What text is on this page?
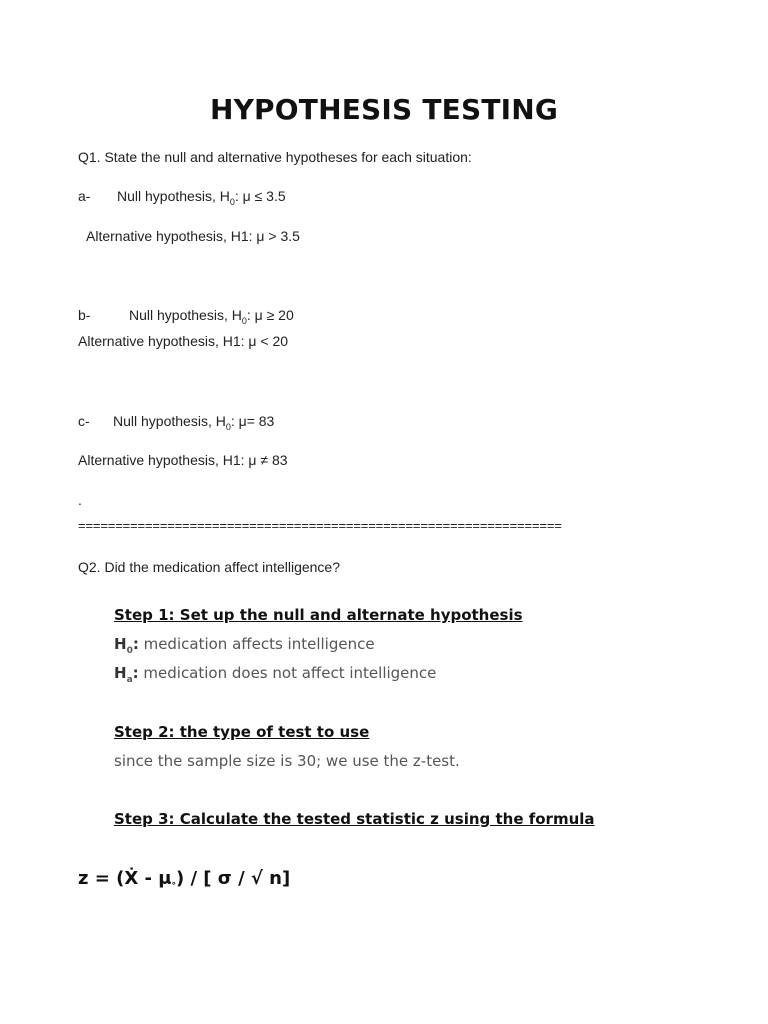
HYPOTHESIS TESTING
Q1. State the null and alternative hypotheses for each situation:
a- Null hypothesis, $H_0$: μ ≤ 3.5
Alternative hypothesis, H1: μ > 3.5
b-	Null hypothesis, $H_0$: μ ≥ 20
Alternative hypothesis, H1: μ < 20
c- Null hypothesis, $H_0$: μ= 83
Alternative hypothesis, H1: μ ≠ 83
.
=================================================================
Q2. Did the medication affect intelligence?
Step 1: Set up the null and alternate hypothesis
$H_0$: medication affects intelligence
$H_a$: medication does not affect intelligence
Step 2: the type of test to use
since the sample size is 30; we use the z-test.
Step 3: Calculate the tested statistic z using the formula
z = (Ẋ - $\mu^\circ$) / [ σ / √ n]
